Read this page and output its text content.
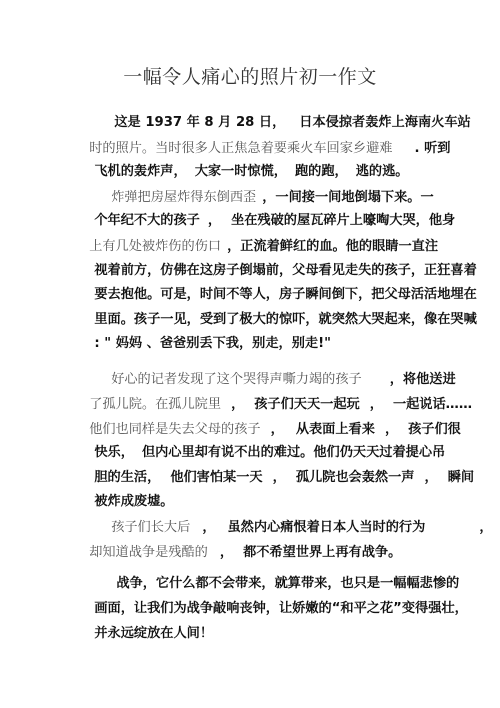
一幅令人痛心的照片初一作文

这是 1937 年 8 月 28 日， 日本侵掠者轰炸上海南火车站

时的照片。当时很多人正焦急着要乘火车回家乡避难 . 听到

飞机的轰炸声， 大家一时惊慌， 跑的跑， 逃的逃。

炸弹把房屋炸得东倒西歪 ，一间接一间地倒塌下来。一

个年纪不大的孩子 ， 坐在残破的屋瓦碎片上嚎啕大哭，他身

上有几处被炸伤的伤口 ，正流着鲜红的血。他的眼睛一直注

视着前方，仿佛在这房子倒塌前，父母看见走失的孩子，正狂喜着

要去抱他。可是，时间不等人，房子瞬间倒下，把父母活活地埋在

里面。孩子一见，受到了极大的惊吓，就突然大哭起来，像在哭喊

: " 妈妈 、爸爸别丢下我，别走，别走!"

好心的记者发现了这个哭得声嘶力竭的孩子 ，将他送进

了孤儿院。在孤儿院里 ， 孩子们天天一起玩 ， 一起说话……

他们也同样是失去父母的孩子 ， 从表面上看来 ， 孩子们很

快乐， 但内心里却有说不出的难过。他们仍天天过着提心吊

胆的生活， 他们害怕某一天 ， 孤儿院也会轰然一声 ， 瞬间

被炸成废墟。

孩子们长大后 ， 虽然内心痛恨着日本人当时的行为	，

却知道战争是残酷的 ， 都不希望世界上再有战争。

战争，它什么都不会带来，就算带来，也只是一幅幅悲惨的

画面，让我们为战争敲响丧钟，让娇嫩的“和平之花”变得强壮，

并永远绽放在人间！
